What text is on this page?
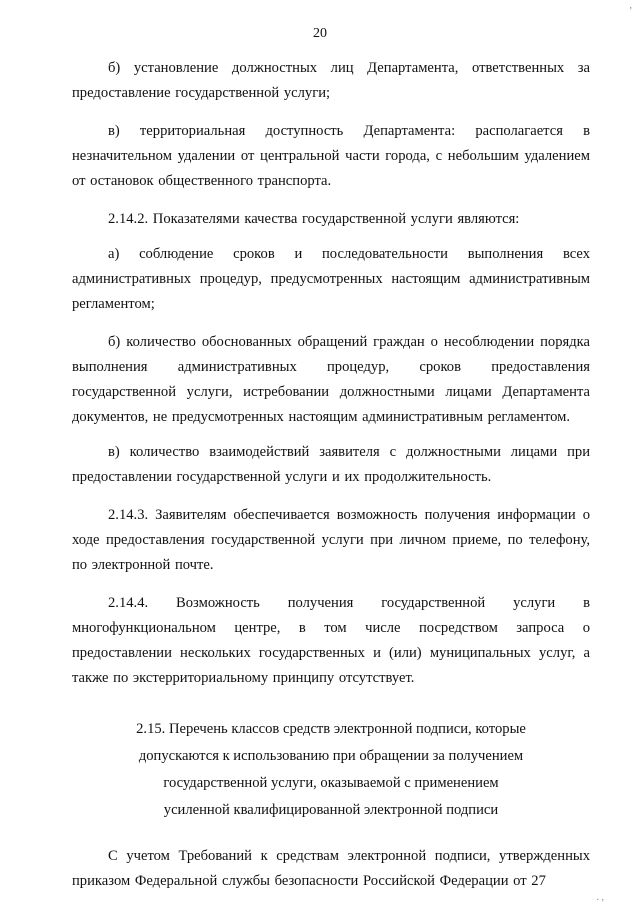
,
20

б) установление должностных лиц Департамента, ответственных за предоставление государственной услуги;

в) территориальная доступность Департамента: располагается в незначительном удалении от центральной части города, с небольшим удалением от остановок общественного транспорта.

2.14.2. Показателями качества государственной услуги являются:

а) соблюдение сроков и последовательности выполнения всех административных процедур, предусмотренных настоящим административным регламентом;

б) количество обоснованных обращений граждан о несоблюдении порядка выполнения административных процедур, сроков предоставления государственной услуги, истребовании должностными лицами Департамента документов, не предусмотренных настоящим административным регламентом.

в) количество взаимодействий заявителя с должностными лицами при предоставлении государственной услуги и их продолжительность.

2.14.3. Заявителям обеспечивается возможность получения информации о ходе предоставления государственной услуги при личном приеме, по телефону, по электронной почте.

2.14.4. Возможность получения государственной услуги в многофункциональном центре, в том числе посредством запроса о предоставлении нескольких государственных и (или) муниципальных услуг, а также по экстерриториальному принципу отсутствует.

2.15. Перечень классов средств электронной подписи, которые
допускаются к использованию при обращении за получением
государственной услуги, оказываемой с применением
усиленной квалифицированной электронной подписи

С учетом Требований к средствам электронной подписи, утвержденных приказом Федеральной службы безопасности Российской Федерации от 27

. ,
